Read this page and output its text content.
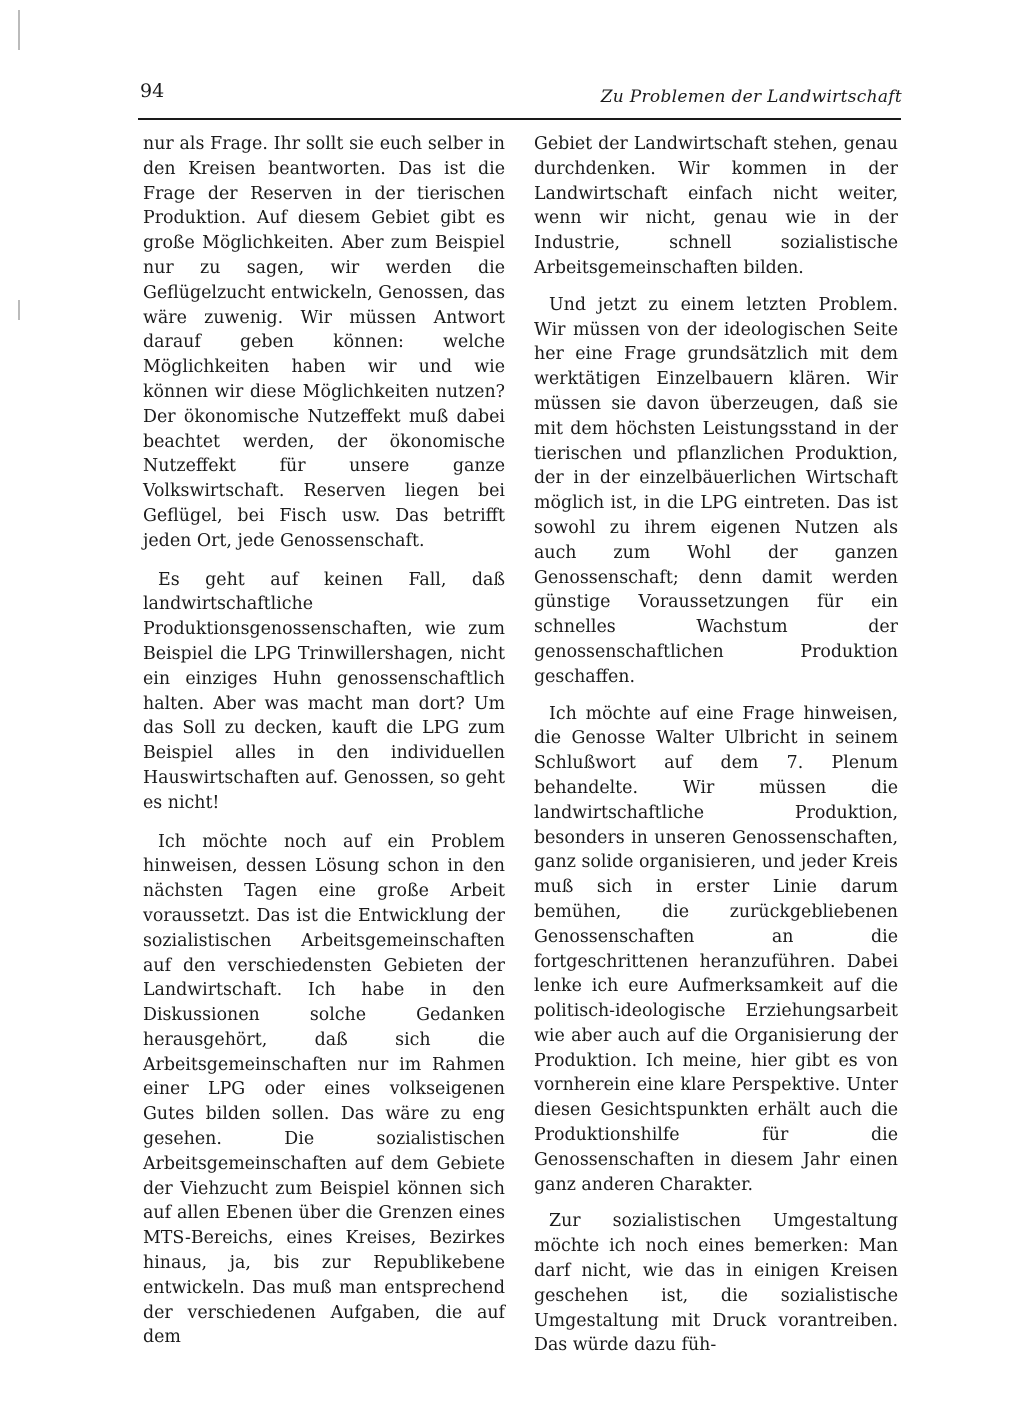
94	Zu Problemen der Landwirtschaft

nur als Frage. Ihr sollt sie euch selber in den Kreisen beantworten. Das ist die Frage der Reserven in der tierischen Produktion. Auf diesem Gebiet gibt es große Möglichkeiten. Aber zum Beispiel nur zu sagen, wir werden die Geflügelzucht entwickeln, Genossen, das wäre zuwenig. Wir müssen Antwort darauf geben können: welche Möglichkeiten haben wir und wie können wir diese Möglichkeiten nutzen? Der ökonomische Nutzeffekt muß dabei beachtet werden, der ökonomische Nutzeffekt für unsere ganze Volkswirtschaft. Reserven liegen bei Geflügel, bei Fisch usw. Das betrifft jeden Ort, jede Genossenschaft.

Es geht auf keinen Fall, daß landwirtschaftliche Produktionsgenossenschaften, wie zum Beispiel die LPG Trinwillershagen, nicht ein einziges Huhn genossenschaftlich halten. Aber was macht man dort? Um das Soll zu decken, kauft die LPG zum Beispiel alles in den individuellen Hauswirtschaften auf. Genossen, so geht es nicht!

Ich möchte noch auf ein Problem hinweisen, dessen Lösung schon in den nächsten Tagen eine große Arbeit voraussetzt. Das ist die Entwicklung der sozialistischen Arbeitsgemeinschaften auf den verschiedensten Gebieten der Landwirtschaft. Ich habe in den Diskussionen solche Gedanken herausgehört, daß sich die Arbeitsgemeinschaften nur im Rahmen einer LPG oder eines volkseigenen Gutes bilden sollen. Das wäre zu eng gesehen. Die sozialistischen Arbeitsgemeinschaften auf dem Gebiete der Viehzucht zum Beispiel können sich auf allen Ebenen über die Grenzen eines MTS-Bereichs, eines Kreises, Bezirkes hinaus, ja, bis zur Republikebene entwickeln. Das muß man entsprechend der verschiedenen Aufgaben, die auf dem

Gebiet der Landwirtschaft stehen, genau durchdenken. Wir kommen in der Landwirtschaft einfach nicht weiter, wenn wir nicht, genau wie in der Industrie, schnell sozialistische Arbeitsgemeinschaften bilden.

Und jetzt zu einem letzten Problem. Wir müssen von der ideologischen Seite her eine Frage grundsätzlich mit dem werktätigen Einzelbauern klären. Wir müssen sie davon überzeugen, daß sie mit dem höchsten Leistungsstand in der tierischen und pflanzlichen Produktion, der in der einzelbäuerlichen Wirtschaft möglich ist, in die LPG eintreten. Das ist sowohl zu ihrem eigenen Nutzen als auch zum Wohl der ganzen Genossenschaft; denn damit werden günstige Voraussetzungen für ein schnelles Wachstum der genossenschaftlichen Produktion geschaffen.

Ich möchte auf eine Frage hinweisen, die Genosse Walter Ulbricht in seinem Schlußwort auf dem 7. Plenum behandelte. Wir müssen die landwirtschaftliche Produktion, besonders in unseren Genossenschaften, ganz solide organisieren, und jeder Kreis muß sich in erster Linie darum bemühen, die zurückgebliebenen Genossenschaften an die fortgeschrittenen heranzuführen. Dabei lenke ich eure Aufmerksamkeit auf die politisch-ideologische Erziehungsarbeit wie aber auch auf die Organisierung der Produktion. Ich meine, hier gibt es von vornherein eine klare Perspektive. Unter diesen Gesichtspunkten erhält auch die Produktionshilfe für die Genossenschaften in diesem Jahr einen ganz anderen Charakter.

Zur sozialistischen Umgestaltung möchte ich noch eines bemerken: Man darf nicht, wie das in einigen Kreisen geschehen ist, die sozialistische Umgestaltung mit Druck vorantreiben. Das würde dazu füh-
